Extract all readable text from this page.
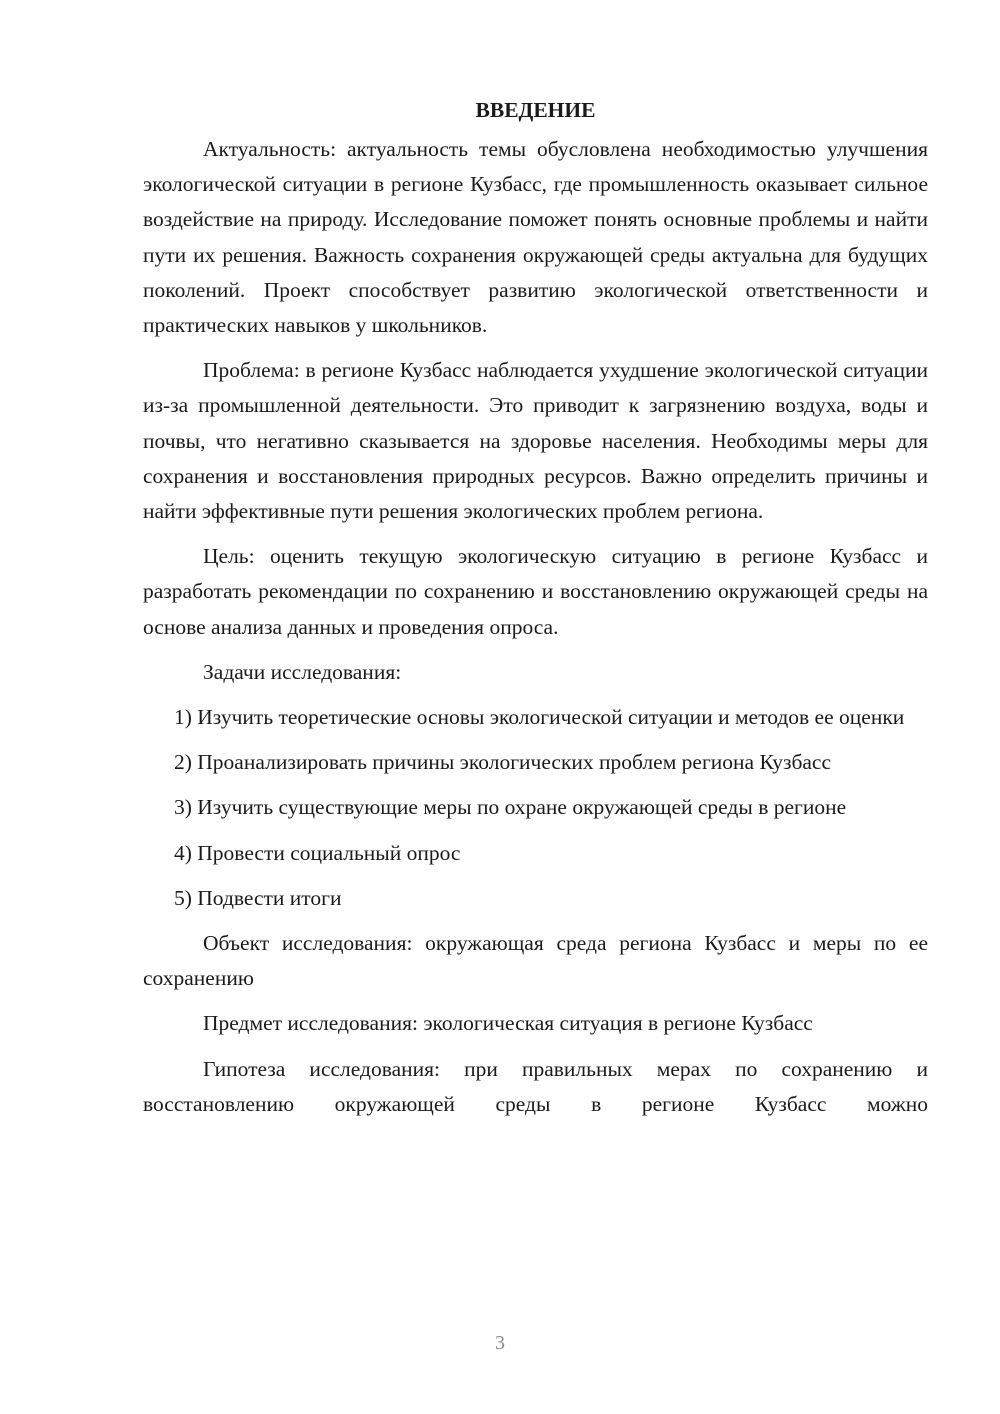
ВВЕДЕНИЕ

Актуальность: актуальность темы обусловлена необходимостью улучшения экологической ситуации в регионе Кузбасс, где промышленность оказывает сильное воздействие на природу. Исследование поможет понять основные проблемы и найти пути их решения. Важность сохранения окружающей среды актуальна для будущих поколений. Проект способствует развитию экологической ответственности и практических навыков у школьников.

Проблема: в регионе Кузбасс наблюдается ухудшение экологической ситуации из-за промышленной деятельности. Это приводит к загрязнению воздуха, воды и почвы, что негативно сказывается на здоровье населения. Необходимы меры для сохранения и восстановления природных ресурсов. Важно определить причины и найти эффективные пути решения экологических проблем региона.

Цель: оценить текущую экологическую ситуацию в регионе Кузбасс и разработать рекомендации по сохранению и восстановлению окружающей среды на основе анализа данных и проведения опроса.

Задачи исследования:

1) Изучить теоретические основы экологической ситуации и методов ее оценки

2) Проанализировать причины экологических проблем региона Кузбасс

3) Изучить существующие меры по охране окружающей среды в регионе

4) Провести социальный опрос

5) Подвести итоги

Объект исследования: окружающая среда региона Кузбасс и меры по ее сохранению

Предмет исследования: экологическая ситуация в регионе Кузбасс

Гипотеза исследования: при правильных мерах по сохранению и восстановлению окружающей среды в регионе Кузбасс можно

3
